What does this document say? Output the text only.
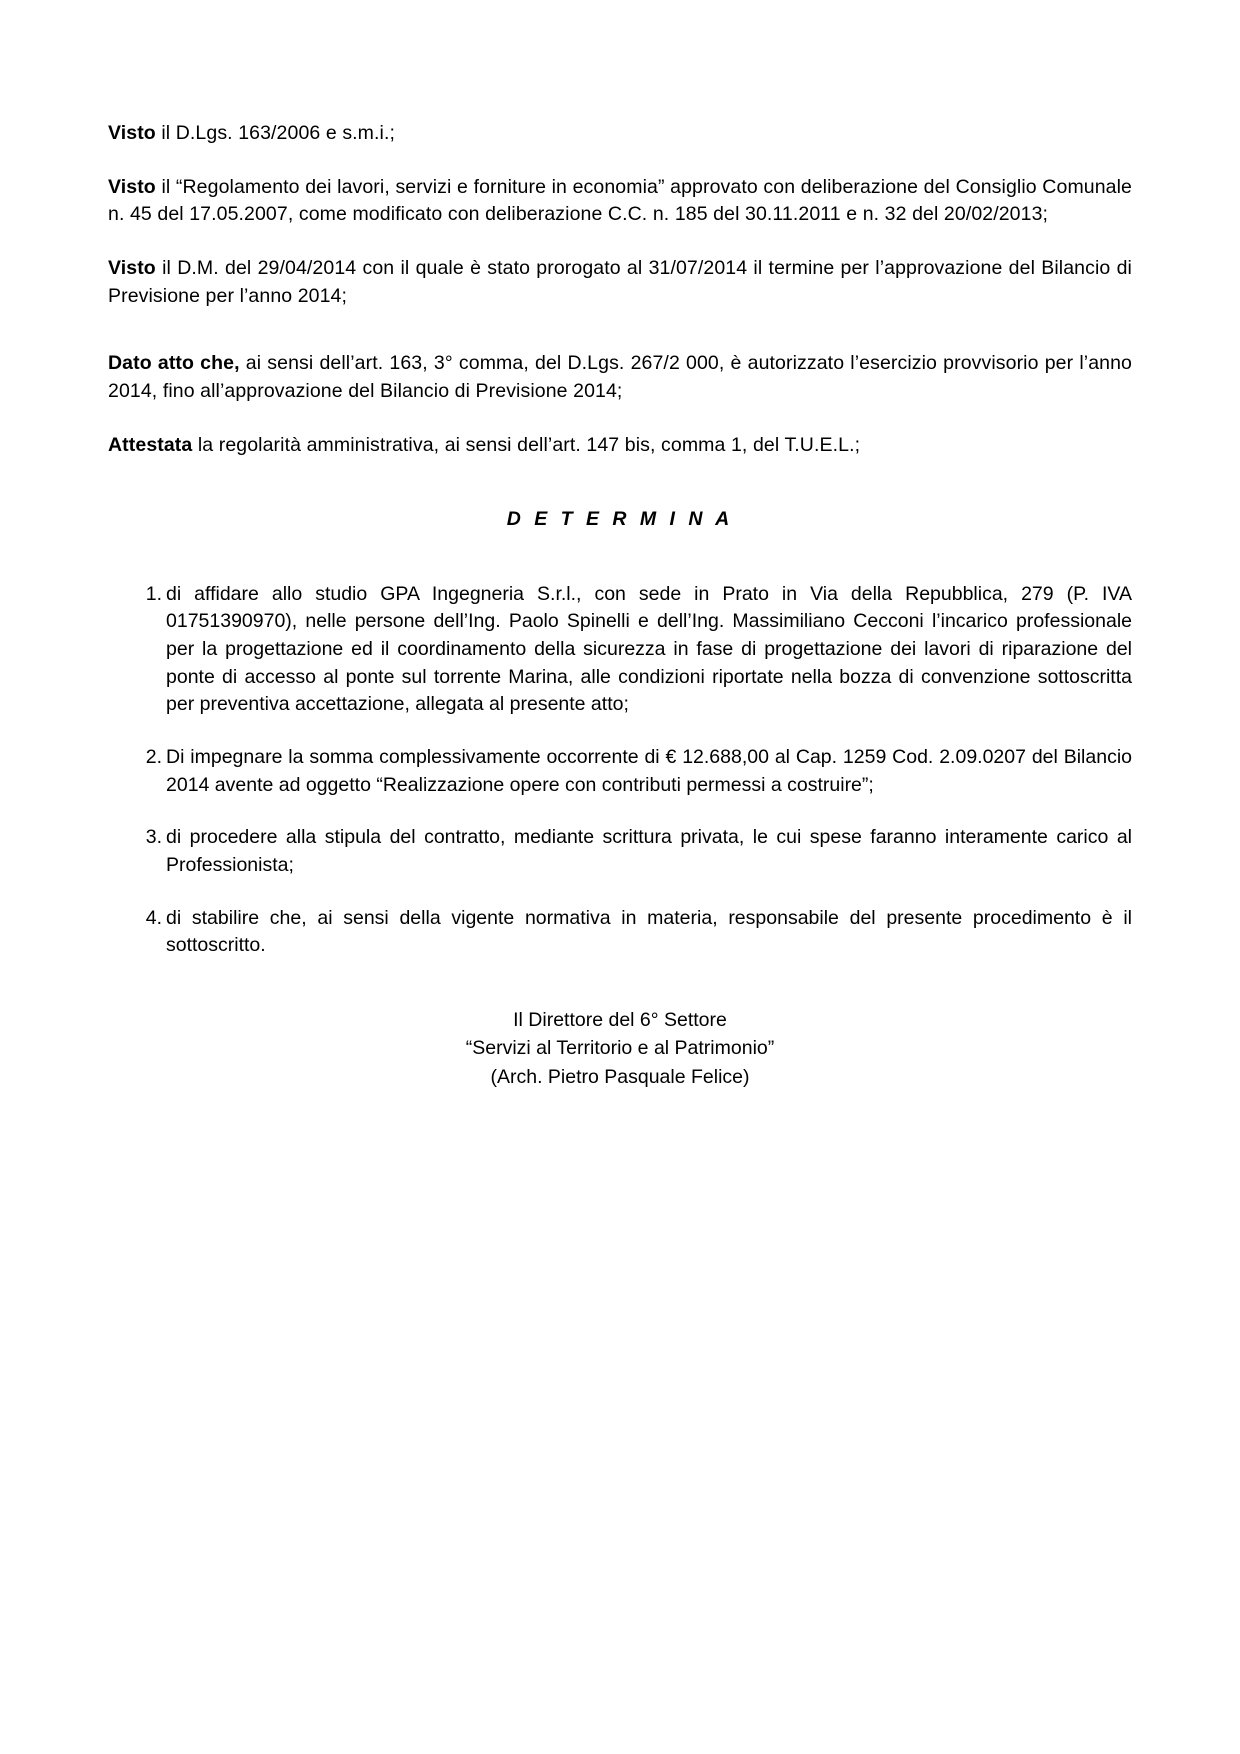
Visto il D.Lgs. 163/2006 e s.m.i.;

Visto il “Regolamento dei lavori, servizi e forniture in economia” approvato con deliberazione del Consiglio Comunale n. 45 del 17.05.2007, come modificato con deliberazione C.C. n. 185 del 30.11.2011 e n. 32 del 20/02/2013;

Visto il D.M. del 29/04/2014 con il quale è stato prorogato al 31/07/2014 il termine per l’approvazione del Bilancio di Previsione per l’anno 2014;

Dato atto che, ai sensi dell’art. 163, 3° comma, del D.Lgs. 267/2 000, è autorizzato l’esercizio provvisorio per l’anno 2014, fino all’approvazione del Bilancio di Previsione 2014;

Attestata la regolarità amministrativa, ai sensi dell’art. 147 bis, comma 1, del T.U.E.L.;

D E T E R M I N A
1. di affidare allo studio GPA Ingegneria S.r.l., con sede in Prato in Via della Repubblica, 279 (P. IVA 01751390970), nelle persone dell’Ing. Paolo Spinelli e dell’Ing. Massimiliano Cecconi l’incarico professionale per la progettazione ed il coordinamento della sicurezza in fase di progettazione dei lavori di riparazione del ponte di accesso al ponte sul torrente Marina, alle condizioni riportate nella bozza di convenzione sottoscritta per preventiva accettazione, allegata al presente atto;
2. Di impegnare la somma complessivamente occorrente di € 12.688,00 al Cap. 1259 Cod. 2.09.0207 del Bilancio 2014 avente ad oggetto “Realizzazione opere con contributi permessi a costruire”;
3. di procedere alla stipula del contratto, mediante scrittura privata, le cui spese faranno interamente carico al Professionista;
4. di stabilire che, ai sensi della vigente normativa in materia, responsabile del presente procedimento è il sottoscritto.
Il Direttore del 6° Settore
“Servizi al Territorio e al Patrimonio”
(Arch. Pietro Pasquale Felice)
